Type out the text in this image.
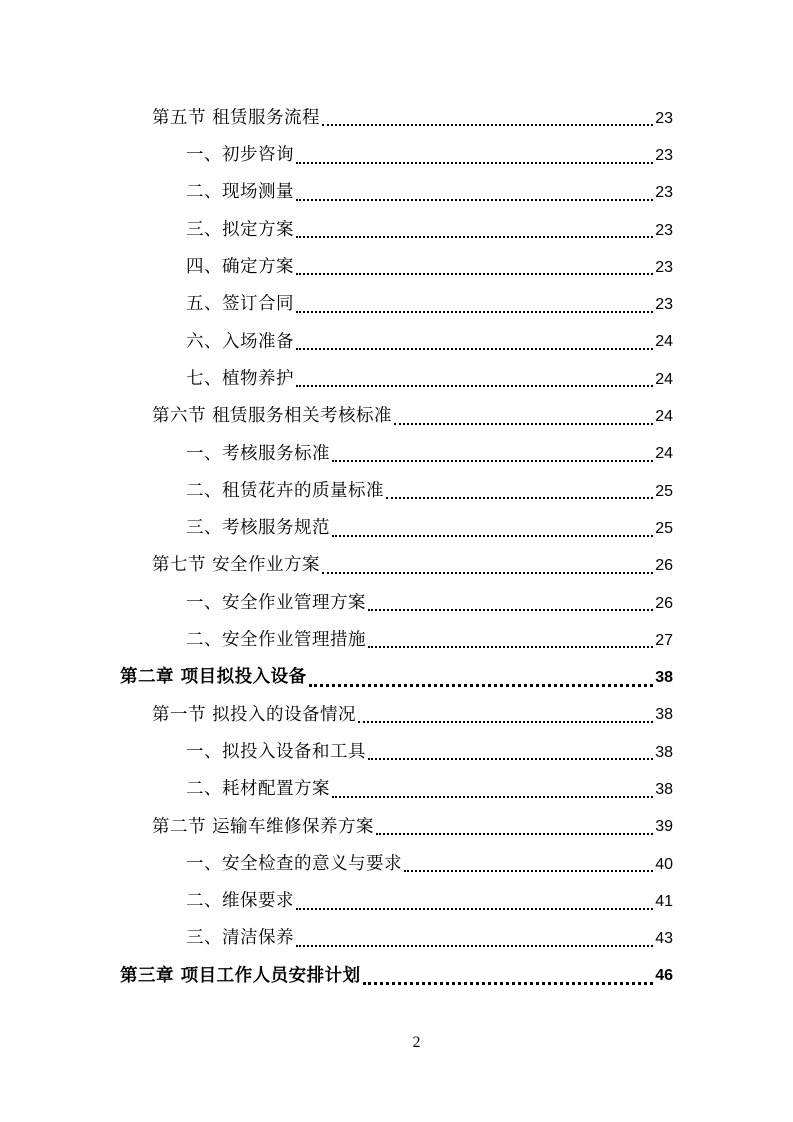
第五节 租赁服务流程	23
一、初步咨询	23
二、现场测量	23
三、拟定方案	23
四、确定方案	23
五、签订合同	23
六、入场准备	24
七、植物养护	24
第六节 租赁服务相关考核标准	24
一、考核服务标准	24
二、租赁花卉的质量标准	25
三、考核服务规范	25
第七节 安全作业方案	26
一、安全作业管理方案	26
二、安全作业管理措施	27
第二章 项目拟投入设备	38
第一节 拟投入的设备情况	38
一、拟投入设备和工具	38
二、耗材配置方案	38
第二节 运输车维修保养方案	39
一、安全检查的意义与要求	40
二、维保要求	41
三、清洁保养	43
第三章 项目工作人员安排计划	46
2
